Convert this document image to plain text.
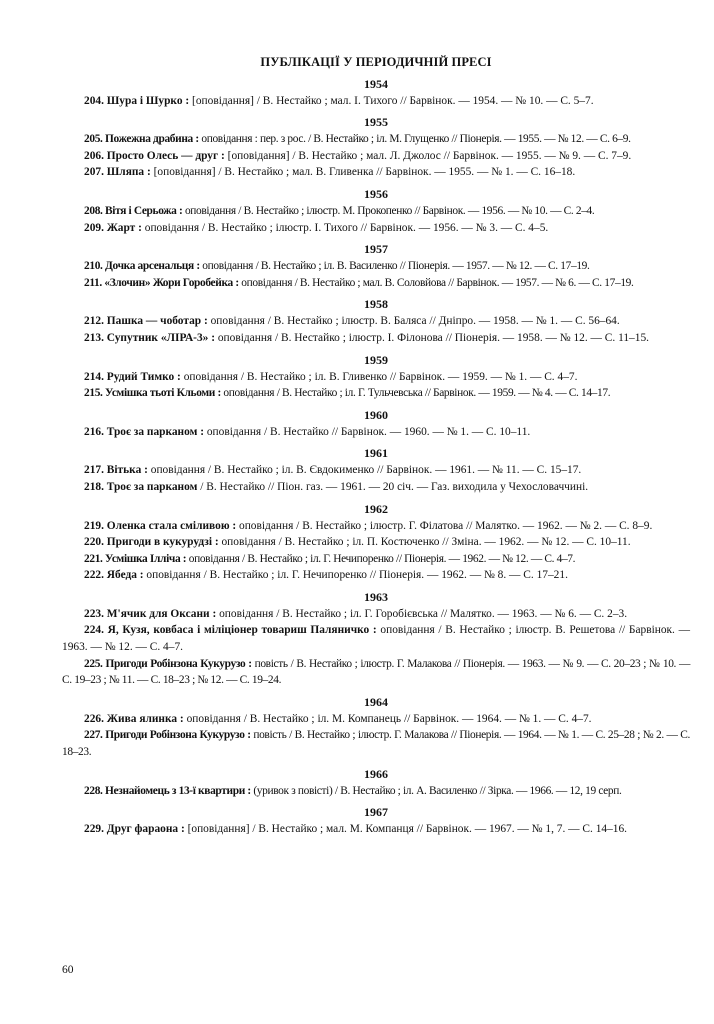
ПУБЛІКАЦІЇ У ПЕРІОДИЧНІЙ ПРЕСІ
1954

204. Шура і Шурко : [оповідання] / В. Нестайко ; мал. І. Тихого // Барвінок. — 1954. — № 10. — С. 5–7.

1955

205. Пожежна драбина : оповідання : пер. з рос. / В. Нестайко ; іл. М. Глущенко // Піонерія. — 1955. — № 12. — С. 6–9.

206. Просто Олесь — друг : [оповідання] / В. Нестайко ; мал. Л. Джолос // Барвінок. — 1955. — № 9. — С. 7–9.

207. Шляпа : [оповідання] / В. Нестайко ; мал. В. Гливенка // Барвінок. — 1955. — № 1. — С. 16–18.

1956

208. Вітя і Серьожа : оповідання / В. Нестайко ; ілюстр. М. Прокопенко // Барвінок. — 1956. — № 10. — С. 2–4.

209. Жарт : оповідання / В. Нестайко ; ілюстр. І. Тихого // Барвінок. — 1956. — № 3. — С. 4–5.

1957

210. Дочка арсенальця : оповідання / В. Нестайко ; іл. В. Василенко // Піонерія. — 1957. — № 12. — С. 17–19.

211. «Злочин» Жори Горобейка : оповідання / В. Нестайко ; мал. В. Соловйова // Барвінок. — 1957. — № 6. — С. 17–19.

1958

212. Пашка — чоботар : оповідання / В. Нестайко ; ілюстр. В. Баляса // Дніпро. — 1958. — № 1. — С. 56–64.

213. Супутник «ЛІРА-3» : оповідання / В. Нестайко ; ілюстр. І. Філонова // Піонерія. — 1958. — № 12. — С. 11–15.

1959

214. Рудий Тимко : оповідання / В. Нестайко ; іл. В. Гливенко // Барвінок. — 1959. — № 1. — С. 4–7.

215. Усмішка тьоті Кльоми : оповідання / В. Нестайко ; іл. Г. Тульчевська // Барвінок. — 1959. — № 4. — С. 14–17.

1960

216. Троє за парканом : оповідання / В. Нестайко // Барвінок. — 1960. — № 1. — С. 10–11.

1961

217. Вітька : оповідання / В. Нестайко ; іл. В. Євдокименко // Барвінок. — 1961. — № 11. — С. 15–17.

218. Троє за парканом / В. Нестайко // Піон. газ. — 1961. — 20 січ. — Газ. виходила у Чехословаччині.

1962

219. Оленка стала сміливою : оповідання / В. Нестайко ; ілюстр. Г. Філатова // Малятко. — 1962. — № 2. — С. 8–9.

220. Пригоди в кукурудзі : оповідання / В. Нестайко ; іл. П. Костюченко // Зміна. — 1962. — № 12. — С. 10–11.

221. Усмішка Ілліча : оповідання / В. Нестайко ; іл. Г. Нечипоренко // Піонерія. — 1962. — № 12. — С. 4–7.

222. Ябеда : оповідання / В. Нестайко ; іл. Г. Нечипоренко // Піонерія. — 1962. — № 8. — С. 17–21.

1963

223. М'ячик для Оксани : оповідання / В. Нестайко ; іл. Г. Горобієвська // Малятко. — 1963. — № 6. — С. 2–3.

224. Я, Кузя, ковбаса і міліціонер товариш Паляничко : оповідання / В. Нестайко ; ілюстр. В. Решетова // Барвінок. — 1963. — № 12. — С. 4–7.

225. Пригоди Робінзона Кукурузо : повість / В. Нестайко ; ілюстр. Г. Малакова // Піонерія. — 1963. — № 9. — С. 20–23 ; № 10. — С. 19–23 ; № 11. — С. 18–23 ; № 12. — С. 19–24.

1964

226. Жива ялинка : оповідання / В. Нестайко ; іл. М. Компанець // Барвінок. — 1964. — № 1. — С. 4–7.

227. Пригоди Робінзона Кукурузо : повість / В. Нестайко ; ілюстр. Г. Малакова // Піонерія. — 1964. — № 1. — С. 25–28 ; № 2. — С. 18–23.

1966

228. Незнайомець з 13-ї квартири : (уривок з повісті) / В. Нестайко ; іл. А. Василенко // Зірка. — 1966. — 12, 19 серп.

1967

229. Друг фараона : [оповідання] / В. Нестайко ; мал. М. Компанця // Барвінок. — 1967. — № 1, 7. — С. 14–16.

60
